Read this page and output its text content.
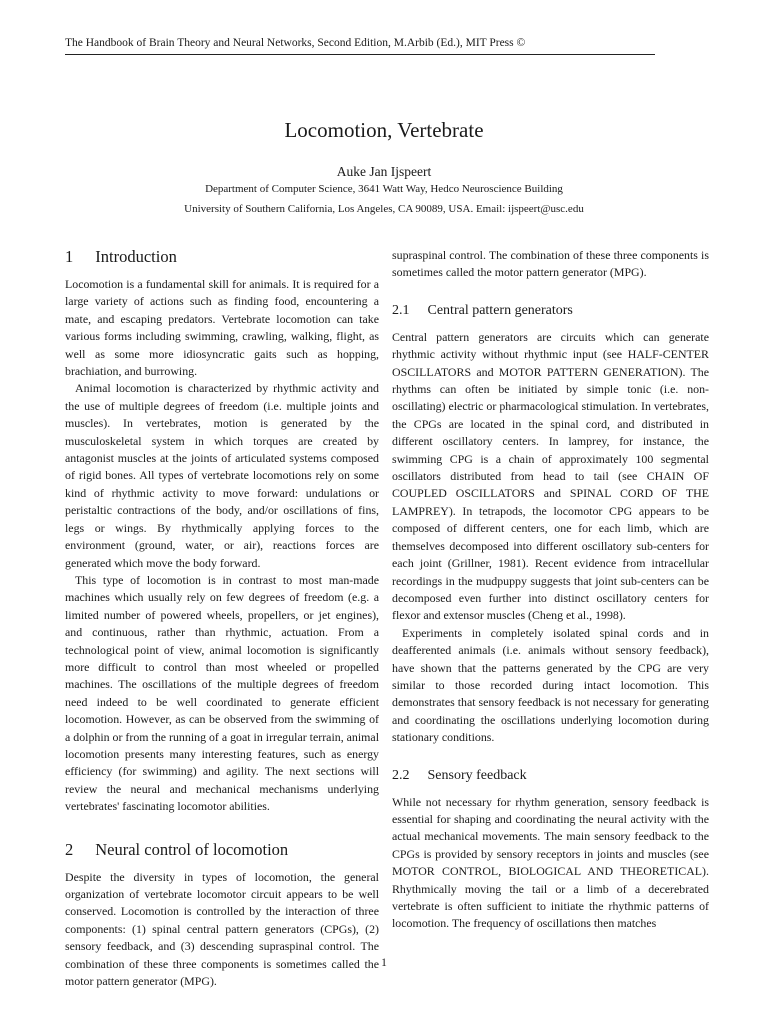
The Handbook of Brain Theory and Neural Networks, Second Edition, M.Arbib (Ed.), MIT Press ©
Locomotion, Vertebrate
Auke Jan Ijspeert
Department of Computer Science, 3641 Watt Way, Hedco Neuroscience Building
University of Southern California, Los Angeles, CA 90089, USA. Email: ijspeert@usc.edu
1 Introduction

Locomotion is a fundamental skill for animals. It is required for a large variety of actions such as finding food, encountering a mate, and escaping predators. Vertebrate locomotion can take various forms including swimming, crawling, walking, flight, as well as some more idiosyncratic gaits such as hopping, brachiation, and burrowing.

Animal locomotion is characterized by rhythmic activity and the use of multiple degrees of freedom (i.e. multiple joints and muscles). In vertebrates, motion is generated by the musculoskeletal system in which torques are created by antagonist muscles at the joints of articulated systems composed of rigid bones. All types of vertebrate locomotions rely on some kind of rhythmic activity to move forward: undulations or peristaltic contractions of the body, and/or oscillations of fins, legs or wings. By rhythmically applying forces to the environment (ground, water, or air), reactions forces are generated which move the body forward.

This type of locomotion is in contrast to most man-made machines which usually rely on few degrees of freedom (e.g. a limited number of powered wheels, propellers, or jet engines), and continuous, rather than rhythmic, actuation. From a technological point of view, animal locomotion is significantly more difficult to control than most wheeled or propelled machines. The oscillations of the multiple degrees of freedom need indeed to be well coordinated to generate efficient locomotion. However, as can be observed from the swimming of a dolphin or from the running of a goat in irregular terrain, animal locomotion presents many interesting features, such as energy efficiency (for swimming) and agility. The next sections will review the neural and mechanical mechanisms underlying vertebrates' fascinating locomotor abilities.

2 Neural control of locomotion

Despite the diversity in types of locomotion, the general organization of vertebrate locomotor circuit appears to be well conserved. Locomotion is controlled by the interaction of three components: (1) spinal central pattern generators (CPGs), (2) sensory feedback, and (3) descending supraspinal control. The combination of these three components is sometimes called the motor pattern generator (MPG).

supraspinal control. The combination of these three components is sometimes called the motor pattern generator (MPG).

2.1 Central pattern generators

Central pattern generators are circuits which can generate rhythmic activity without rhythmic input (see HALF-CENTER OSCILLATORS and MOTOR PATTERN GENERATION). The rhythms can often be initiated by simple tonic (i.e. non-oscillating) electric or pharmacological stimulation. In vertebrates, the CPGs are located in the spinal cord, and distributed in different oscillatory centers. In lamprey, for instance, the swimming CPG is a chain of approximately 100 segmental oscillators distributed from head to tail (see CHAIN OF COUPLED OSCILLATORS and SPINAL CORD OF THE LAMPREY). In tetrapods, the locomotor CPG appears to be composed of different centers, one for each limb, which are themselves decomposed into different oscillatory sub-centers for each joint (Grillner, 1981). Recent evidence from intracellular recordings in the mudpuppy suggests that joint sub-centers can be decomposed even further into distinct oscillatory centers for flexor and extensor muscles (Cheng et al., 1998).

Experiments in completely isolated spinal cords and in deafferented animals (i.e. animals without sensory feedback), have shown that the patterns generated by the CPG are very similar to those recorded during intact locomotion. This demonstrates that sensory feedback is not necessary for generating and coordinating the oscillations underlying locomotion during stationary conditions.

2.2 Sensory feedback

While not necessary for rhythm generation, sensory feedback is essential for shaping and coordinating the neural activity with the actual mechanical movements. The main sensory feedback to the CPGs is provided by sensory receptors in joints and muscles (see MOTOR CONTROL, BIOLOGICAL AND THEORETICAL). Rhythmically moving the tail or a limb of a decerebrated vertebrate is often sufficient to initiate the rhythmic patterns of locomotion. The frequency of oscillations then matches

1
